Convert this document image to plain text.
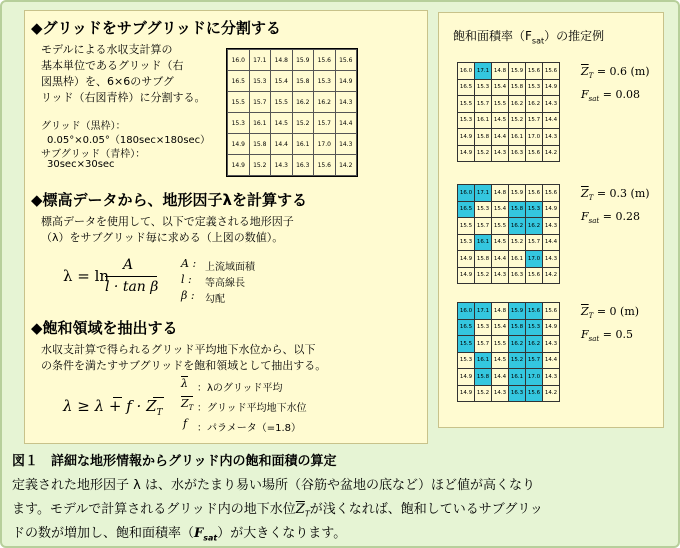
◆グリッドをサブグリッドに分割する
モデルによる水収支計算の
基本単位であるグリッド（右
図黒枠）を、6×6のサブグ
リッド（右図青枠）に分割する。
グリッド（黒枠）：
0.05°×0.05°（180sec×180sec）
サブグリッド（青枠）：
30sec×30sec
16.0	17.1	14.8	15.9	15.6	15.6
16.5	15.3	15.4	15.8	15.3	14.9
15.5	15.7	15.5	16.2	16.2	14.3
15.3	16.1	14.5	15.2	15.7	14.4
14.9	15.8	14.4	16.1	17.0	14.3
14.9	15.2	14.3	16.3	15.6	14.2
◆標高データから、地形因子λを計算する
標高データを使用して、以下で定義される地形因子
（λ）をサブグリッド毎に求める（上図の数値）。
λ = ln
A
l · tan β
A : 上流域面積
l : 等高線長
β : 勾配
◆飽和領域を抽出する
水収支計算で得られるグリッド平均地下水位から、以下
の条件を満たすサブグリッドを飽和領域として抽出する。
$\lambda \ge \lambda + f \cdot Z_T$
λ ：λのグリッド平均
$Z_T$ ：グリッド平均地下水位
f ：パラメータ（=1.8）
飽和面積率$(F_{sat})$の推定例
16.0	17.1	14.8	15.9	15.6	15.6
16.5	15.3	15.4	15.8	15.3	14.9
15.5	15.7	15.5	16.2	16.2	14.3
15.3	16.1	14.5	15.2	15.7	14.4
14.9	15.8	14.4	16.1	17.0	14.3
14.9	15.2	14.3	16.3	15.6	14.2
$\overline{Z}_T = 0.6$ (m)
$F_{sat} = 0.08$
16.0	17.1	14.8	15.9	15.6	15.6
16.5	15.3	15.4	15.8	15.3	14.9
15.5	15.7	15.5	16.2	16.2	14.3
15.3	16.1	14.5	15.2	15.7	14.4
14.9	15.8	14.4	16.1	17.0	14.3
14.9	15.2	14.3	16.3	15.6	14.2
$\overline{Z}_T = 0.3$ (m)
$F_{sat} = 0.28$
16.0	17.1	14.8	15.9	15.6	15.6
16.5	15.3	15.4	15.8	15.3	14.9
15.5	15.7	15.5	16.2	16.2	14.3
15.3	16.1	14.5	15.2	15.7	14.4
14.9	15.8	14.4	16.1	17.0	14.3
14.9	15.2	14.3	16.3	15.6	14.2
$\overline{Z}_T = 0$ (m)
$F_{sat} = 0.5$
図１　詳細な地形情報からグリッド内の飽和面積の算定
定義された地形因子 λ は、水がたまり易い場所（谷筋や盆地の底など）ほど値が高くなり
ます。モデルで計算されるグリッド内の地下水位$\overline{Z}_T$が浅くなれば、飽和しているサブグリッ
ドの数が増加し、飽和面積率$(F_{sat})$が大きくなります。
